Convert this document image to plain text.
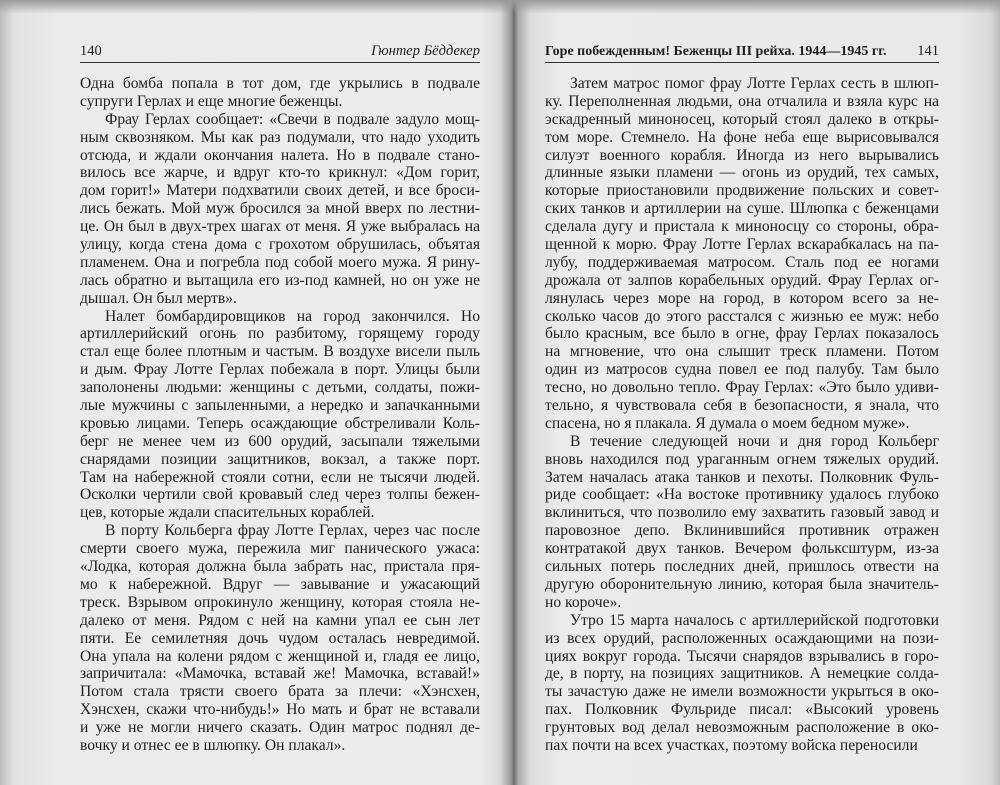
140	Гюнтер Бёддекер
Одна бомба попала в тот дом, где укрылись в подвале
супруги Герлах и еще многие беженцы.
Фрау Герлах сообщает: «Свечи в подвале задуло мощ-
ным сквозняком. Мы как раз подумали, что надо уходить
отсюда, и ждали окончания налета. Но в подвале стано-
вилось все жарче, и вдруг кто-то крикнул: «Дом горит,
дом горит!» Матери подхватили своих детей, и все броси-
лись бежать. Мой муж бросился за мной вверх по лестни-
це. Он был в двух-трех шагах от меня. Я уже выбралась на
улицу, когда стена дома с грохотом обрушилась, объятая
пламенем. Она и погребла под собой моего мужа. Я рину-
лась обратно и вытащила его из-под камней, но он уже не
дышал. Он был мертв».
Налет бомбардировщиков на город закончился. Но
артиллерийский огонь по разбитому, горящему городу
стал еще более плотным и частым. В воздухе висели пыль
и дым. Фрау Лотте Герлах побежала в порт. Улицы были
заполонены людьми: женщины с детьми, солдаты, пожи-
лые мужчины с запыленными, а нередко и запачканными
кровью лицами. Теперь осаждающие обстреливали Коль-
берг не менее чем из 600 орудий, засыпали тяжелыми
снарядами позиции защитников, вокзал, а также порт.
Там на набережной стояли сотни, если не тысячи людей.
Осколки чертили свой кровавый след через толпы бежен-
цев, которые ждали спасительных кораблей.
В порту Кольберга фрау Лотте Герлах, через час после
смерти своего мужа, пережила миг панического ужаса:
«Лодка, которая должна была забрать нас, пристала пря-
мо к набережной. Вдруг — завывание и ужасающий
треск. Взрывом опрокинуло женщину, которая стояла не-
далеко от меня. Рядом с ней на камни упал ее сын лет
пяти. Ее семилетняя дочь чудом осталась невредимой.
Она упала на колени рядом с женщиной и, гладя ее лицо,
запричитала: «Мамочка, вставай же! Мамочка, вставай!»
Потом стала трясти своего брата за плечи: «Хэнсхен,
Хэнсхен, скажи что-нибудь!» Но мать и брат не вставали
и уже не могли ничего сказать. Один матрос поднял де-
вочку и отнес ее в шлюпку. Он плакал».
Горе побежденным! Беженцы III рейха. 1944—1945 гг. 141
Затем матрос помог фрау Лотте Герлах сесть в шлюп-
ку. Переполненная людьми, она отчалила и взяла курс на
эскадренный миноносец, который стоял далеко в откры-
том море. Стемнело. На фоне неба еще вырисовывался
силуэт военного корабля. Иногда из него вырывались
длинные языки пламени — огонь из орудий, тех самых,
которые приостановили продвижение польских и совет-
ских танков и артиллерии на суше. Шлюпка с беженцами
сделала дугу и пристала к миноносцу со стороны, обра-
щенной к морю. Фрау Лотте Герлах вскарабкалась на па-
лубу, поддерживаемая матросом. Сталь под ее ногами
дрожала от залпов корабельных орудий. Фрау Герлах ог-
лянулась через море на город, в котором всего за не-
сколько часов до этого расстался с жизнью ее муж: небо
было красным, все было в огне, фрау Герлах показалось
на мгновение, что она слышит треск пламени. Потом
один из матросов судна повел ее под палубу. Там было
тесно, но довольно тепло. Фрау Герлах: «Это было удиви-
тельно, я чувствовала себя в безопасности, я знала, что
спасена, но я плакала. Я думала о моем бедном муже».
В течение следующей ночи и дня город Кольберг
вновь находился под ураганным огнем тяжелых орудий.
Затем началась атака танков и пехоты. Полковник Фуль-
риде сообщает: «На востоке противнику удалось глубоко
вклиниться, что позволило ему захватить газовый завод и
паровозное депо. Вклинившийся противник отражен
контратакой двух танков. Вечером фольксштурм, из-за
сильных потерь последних дней, пришлось отвести на
другую оборонительную линию, которая была значитель-
но короче».
Утро 15 марта началось с артиллерийской подготовки
из всех орудий, расположенных осаждающими на пози-
циях вокруг города. Тысячи снарядов взрывались в горо-
де, в порту, на позициях защитников. А немецкие солда-
ты зачастую даже не имели возможности укрыться в око-
пах. Полковник Фульриде писал: «Высокий уровень
грунтовых вод делал невозможным расположение в око-
пах почти на всех участках, поэтому войска переносили
